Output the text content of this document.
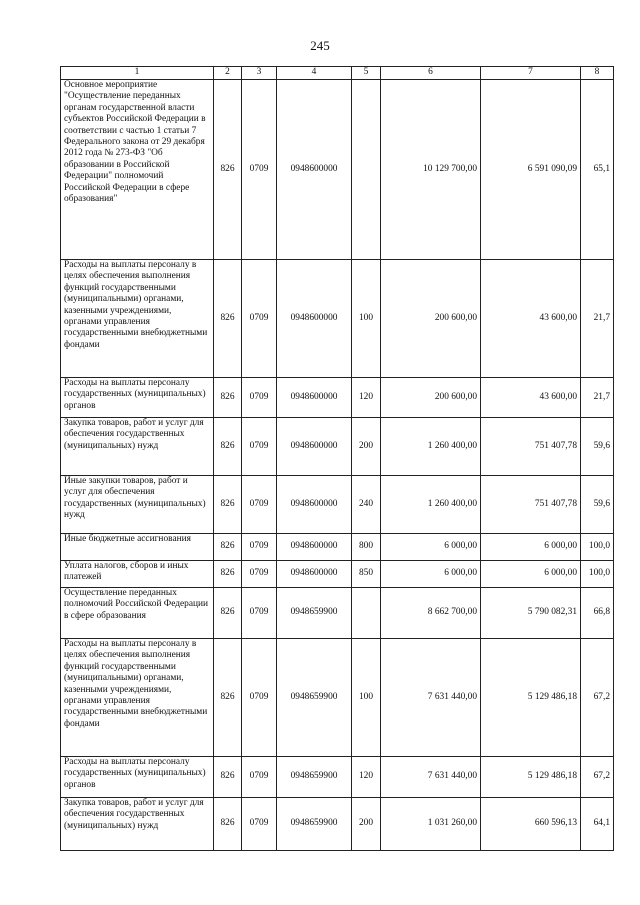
245
1	2	3	4	5	6	7	8
Основное мероприятие "Осуществление переданных органам государственной власти субъектов Российской Федерации в соответствии с частью 1 статьи 7 Федерального закона от 29 декабря 2012 года № 273-ФЗ "Об образовании в Российской Федерации" полномочий Российской Федерации в сфере образования"	826	0709	0948600000		10 129 700,00	6 591 090,09	65,1
Расходы на выплаты персоналу в целях обеспечения выполнения функций государственными (муниципальными) органами, казенными учреждениями, органами управления государственными внебюджетными фондами	826	0709	0948600000	100	200 600,00	43 600,00	21,7
Расходы на выплаты персоналу государственных (муниципальных) органов	826	0709	0948600000	120	200 600,00	43 600,00	21,7
Закупка товаров, работ и услуг для обеспечения государственных (муниципальных) нужд	826	0709	0948600000	200	1 260 400,00	751 407,78	59,6
Иные закупки товаров, работ и услуг для обеспечения государственных (муниципальных) нужд	826	0709	0948600000	240	1 260 400,00	751 407,78	59,6
Иные бюджетные ассигнования	826	0709	0948600000	800	6 000,00	6 000,00	100,0
Уплата налогов, сборов и иных платежей	826	0709	0948600000	850	6 000,00	6 000,00	100,0
Осуществление переданных полномочий Российской Федерации в сфере образования	826	0709	0948659900		8 662 700,00	5 790 082,31	66,8
Расходы на выплаты персоналу в целях обеспечения выполнения функций государственными (муниципальными) органами, казенными учреждениями, органами управления государственными внебюджетными фондами	826	0709	0948659900	100	7 631 440,00	5 129 486,18	67,2
Расходы на выплаты персоналу государственных (муниципальных) органов	826	0709	0948659900	120	7 631 440,00	5 129 486,18	67,2
Закупка товаров, работ и услуг для обеспечения государственных (муниципальных) нужд	826	0709	0948659900	200	1 031 260,00	660 596,13	64,1
